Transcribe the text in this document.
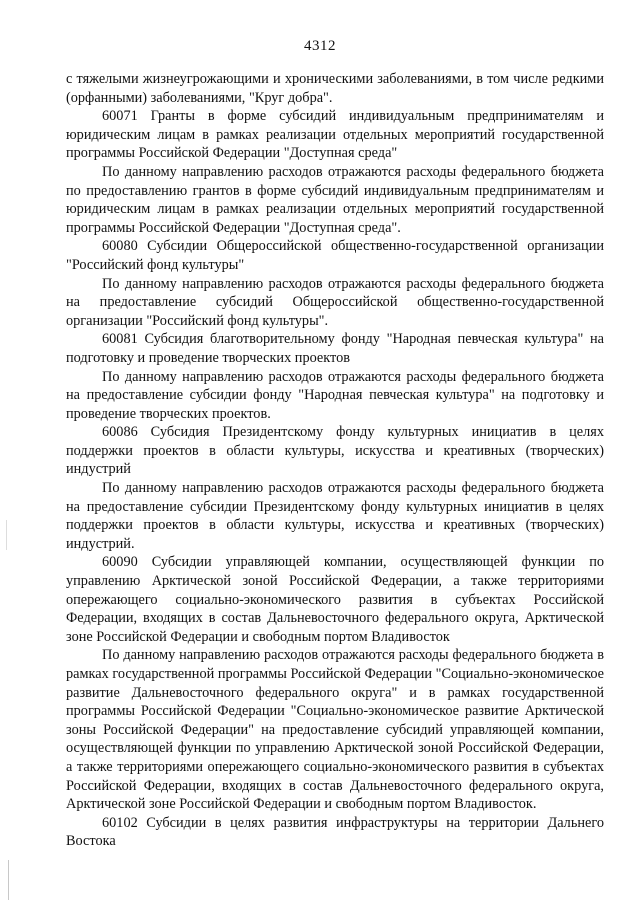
4312

с тяжелыми жизнеугрожающими и хроническими заболеваниями, в том числе редкими (орфанными) заболеваниями, "Круг добра".

60071 Гранты в форме субсидий индивидуальным предпринимателям и юридическим лицам в рамках реализации отдельных мероприятий государственной программы Российской Федерации "Доступная среда"

По данному направлению расходов отражаются расходы федерального бюджета по предоставлению грантов в форме субсидий индивидуальным предпринимателям и юридическим лицам в рамках реализации отдельных мероприятий государственной программы Российской Федерации "Доступная среда".

60080 Субсидии Общероссийской общественно-государственной организации "Российский фонд культуры"

По данному направлению расходов отражаются расходы федерального бюджета на предоставление субсидий Общероссийской общественно-государственной организации "Российский фонд культуры".

60081 Субсидия благотворительному фонду "Народная певческая культура" на подготовку и проведение творческих проектов

По данному направлению расходов отражаются расходы федерального бюджета на предоставление субсидии фонду "Народная певческая культура" на подготовку и проведение творческих проектов.

60086 Субсидия Президентскому фонду культурных инициатив в целях поддержки проектов в области культуры, искусства и креативных (творческих) индустрий

По данному направлению расходов отражаются расходы федерального бюджета на предоставление субсидии Президентскому фонду культурных инициатив в целях поддержки проектов в области культуры, искусства и креативных (творческих) индустрий.

60090 Субсидии управляющей компании, осуществляющей функции по управлению Арктической зоной Российской Федерации, а также территориями опережающего социально-экономического развития в субъектах Российской Федерации, входящих в состав Дальневосточного федерального округа, Арктической зоне Российской Федерации и свободным портом Владивосток

По данному направлению расходов отражаются расходы федерального бюджета в рамках государственной программы Российской Федерации "Социально-экономическое развитие Дальневосточного федерального округа" и в рамках государственной программы Российской Федерации "Социально-экономическое развитие Арктической зоны Российской Федерации" на предоставление субсидий управляющей компании, осуществляющей функции по управлению Арктической зоной Российской Федерации, а также территориями опережающего социально-экономического развития в субъектах Российской Федерации, входящих в состав Дальневосточного федерального округа, Арктической зоне Российской Федерации и свободным портом Владивосток.

60102 Субсидии в целях развития инфраструктуры на территории Дальнего Востока
